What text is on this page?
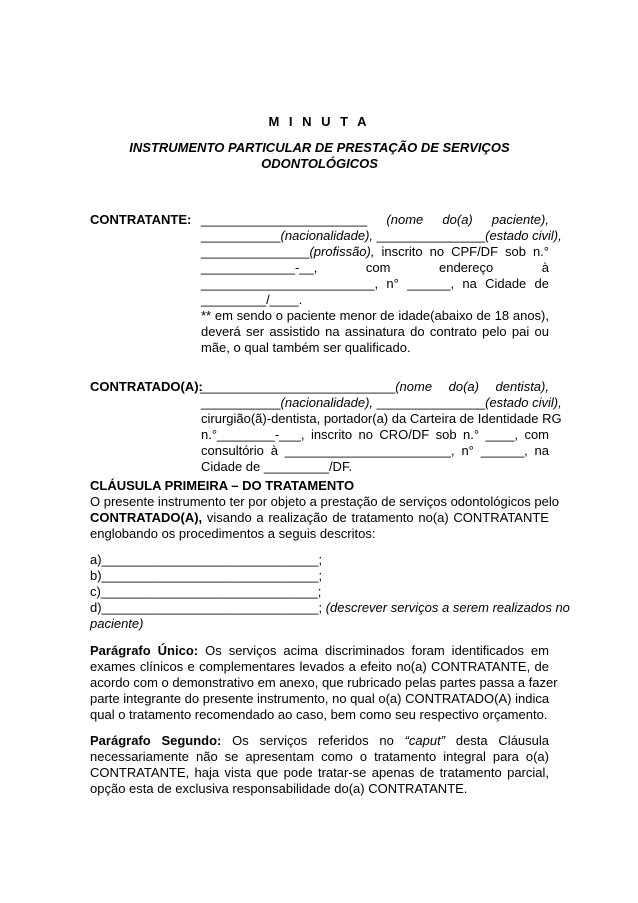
M I N U T A
INSTRUMENTO PARTICULAR DE PRESTAÇÃO DE SERVIÇOS
ODONTOLÓGICOS
CONTRATANTE: _______________________ (nome do(a) paciente),
___________(nacionalidade), _______________(estado civil),
_______________(profissão), inscrito no CPF/DF sob n.°
_____________-__,	com	endereço	à
________________________, n° ______, na Cidade de
_________/____.
** em sendo o paciente menor de idade(abaixo de 18 anos),
deverá ser assistido na assinatura do contrato pelo pai ou
mãe, o qual também ser qualificado.
CONTRATADO(A):
___________________________(nome do(a) dentista),
___________(nacionalidade), _______________(estado civil),
cirurgião(ã)-dentista, portador(a) da Carteira de Identidade RG
n.°________-___, inscrito no CRO/DF sob n.° ____, com
consultório à _______________________, n° ______, na
Cidade de _________/DF.
CLÁUSULA PRIMEIRA – DO TRATAMENTO
O presente instrumento ter por objeto a prestação de serviços odontológicos pelo
CONTRATADO(A), visando a realização de tratamento no(a) CONTRATANTE
englobando os procedimentos a seguis descritos:
a)______________________________;
b)______________________________;
c)______________________________;
d)______________________________; (descrever serviços a serem realizados no
paciente)
Parágrafo Único: Os serviços acima discriminados foram identificados em
exames clínicos e complementares levados a efeito no(a) CONTRATANTE, de
acordo com o demonstrativo em anexo, que rubricado pelas partes passa a fazer
parte integrante do presente instrumento, no qual o(a) CONTRATADO(A) indica
qual o tratamento recomendado ao caso, bem como seu respectivo orçamento.
Parágrafo Segundo: Os serviços referidos no “caput” desta Cláusula
necessariamente não se apresentam como o tratamento integral para o(a)
CONTRATANTE, haja vista que pode tratar-se apenas de tratamento parcial,
opção esta de exclusiva responsabilidade do(a) CONTRATANTE.
